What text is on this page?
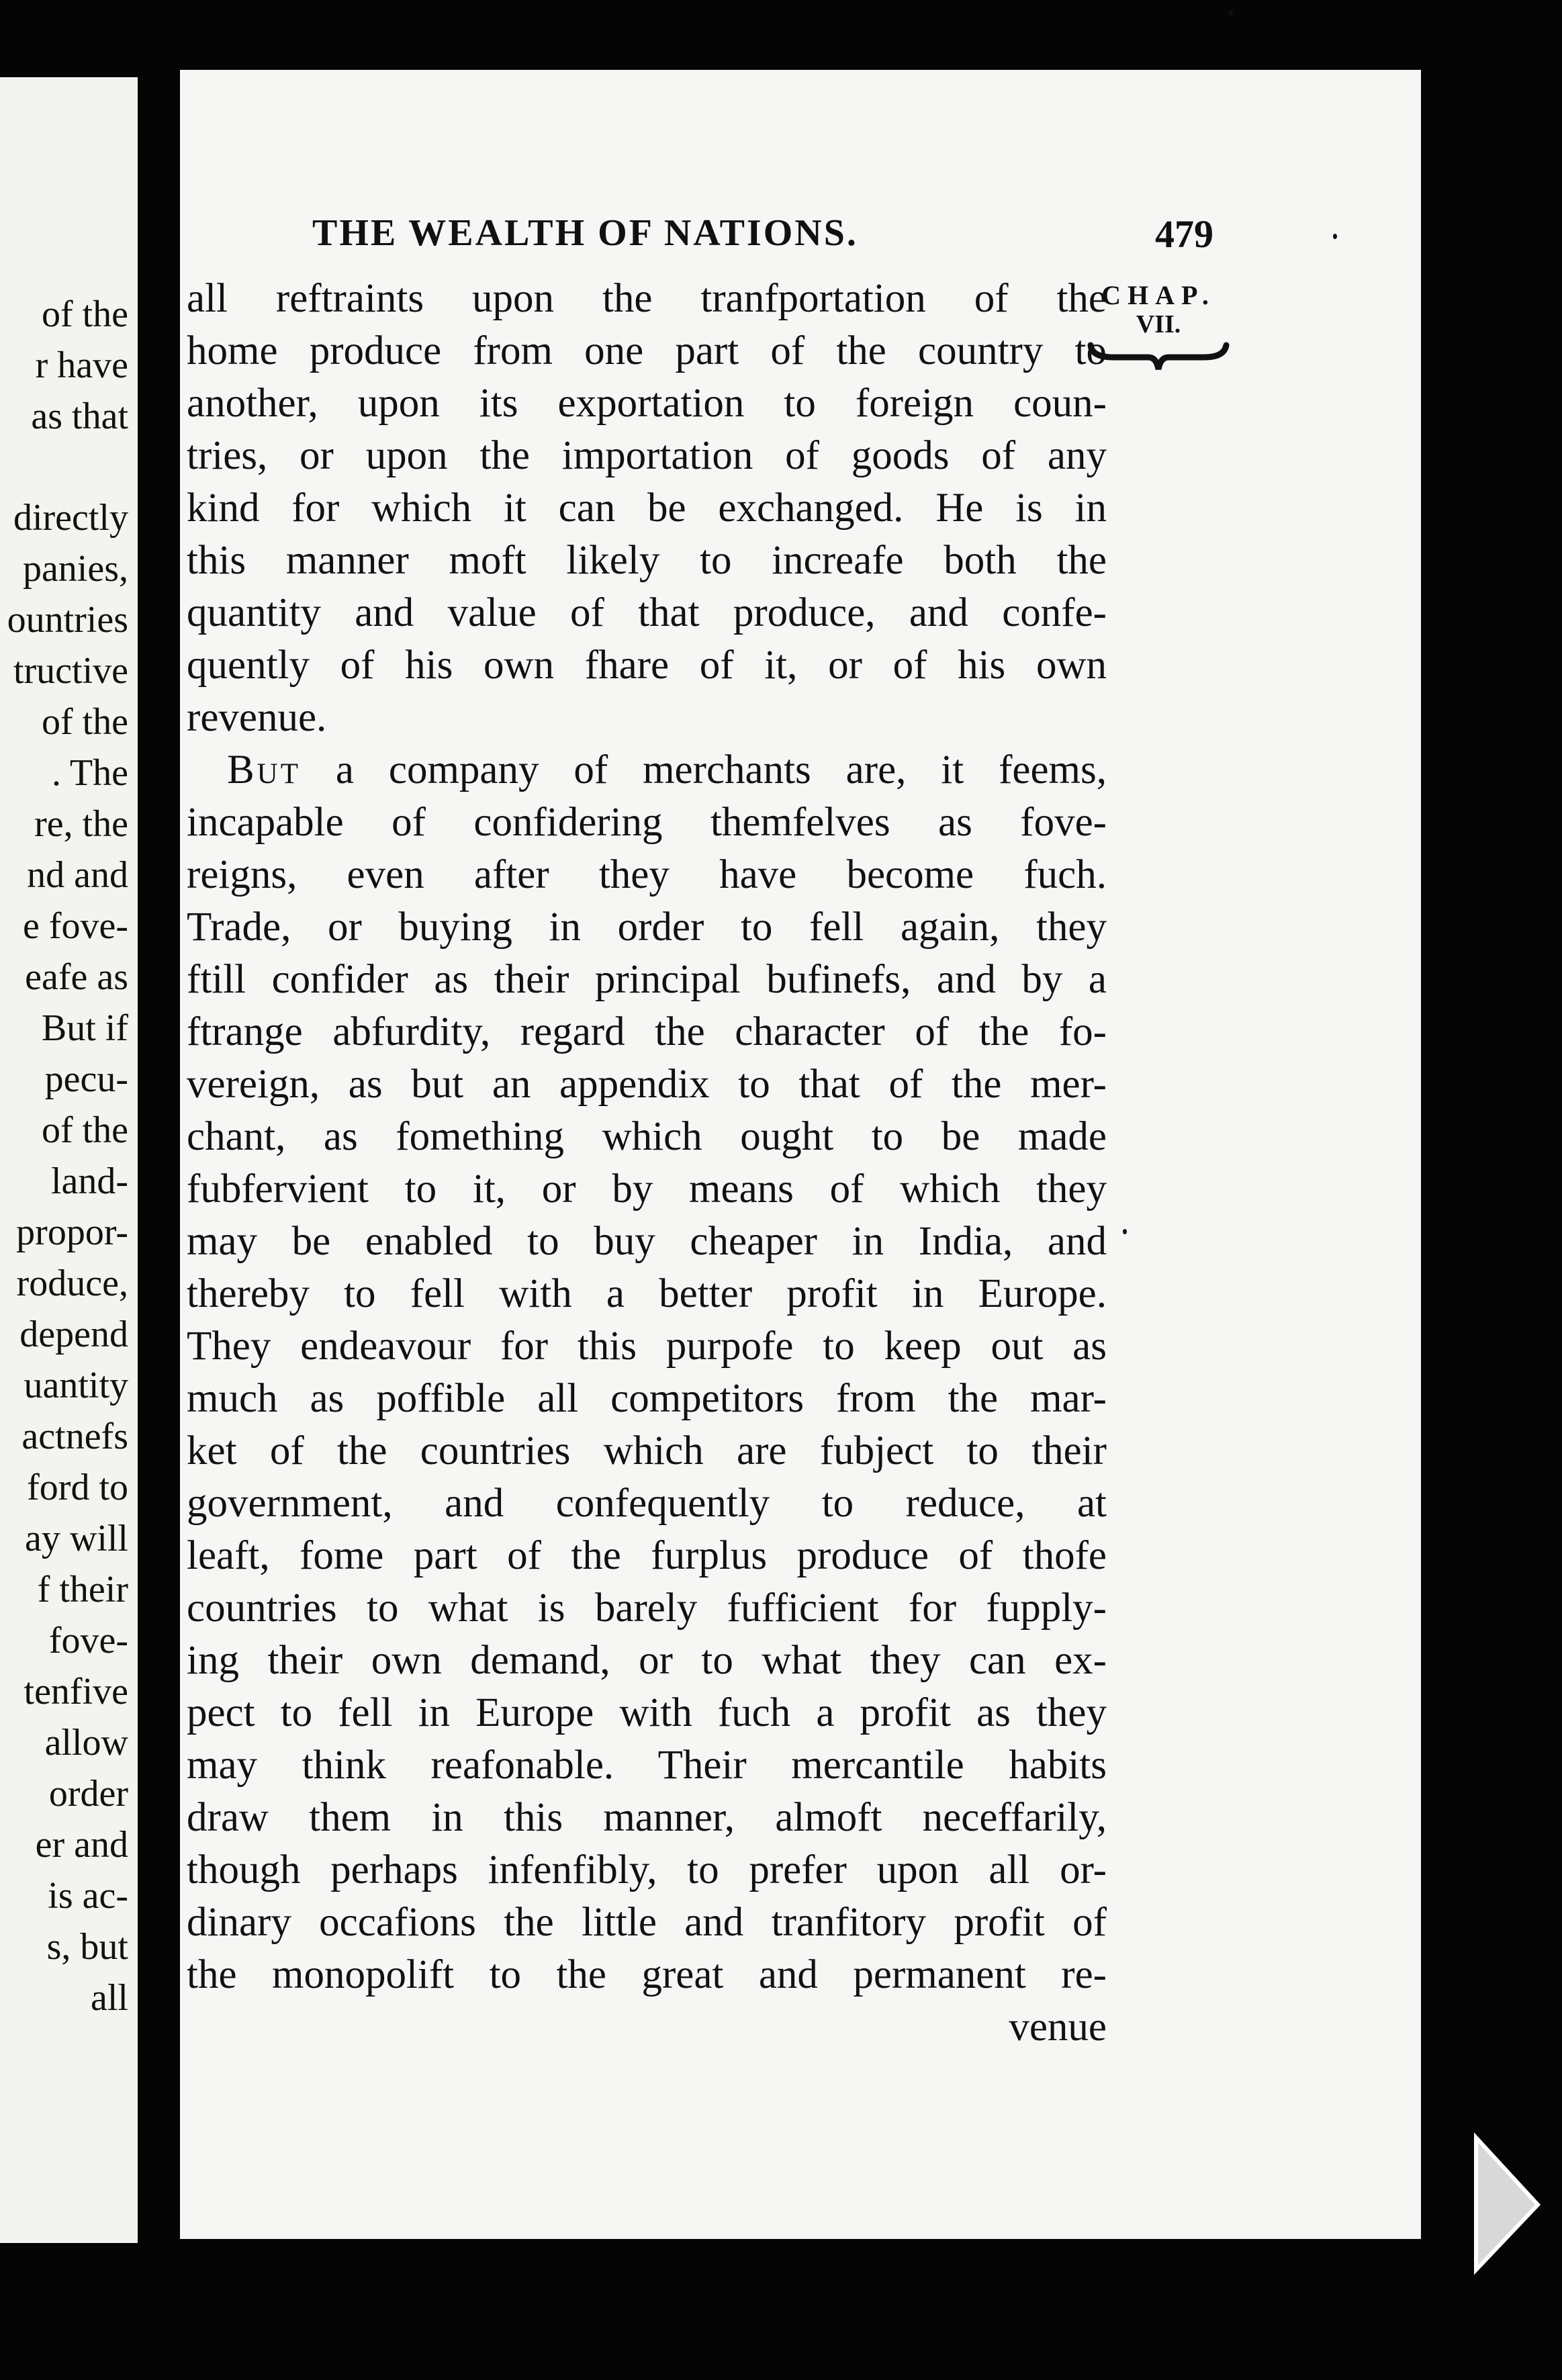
of the
r have
as that
directly
panies,
ountries
tructive
of the
. The
re, the
nd and
e fove-
eafe as
But if
pecu-
of the
land-
propor-
roduce,
depend
uantity
actnefs
ford to
ay will
f their
fove-
tenfive
allow
order
er and
is ac-
s, but
all
THE WEALTH OF NATIONS.	479
CHAP.
VII.
all reftraints upon the tranfportation of the
home produce from one part of the country to
another, upon its exportation to foreign coun-
tries, or upon the importation of goods of any
kind for which it can be exchanged. He is in
this manner moft likely to increafe both the
quantity and value of that produce, and confe-
quently of his own fhare of it, or of his own
revenue.
But a company of merchants are, it feems,
incapable of confidering themfelves as fove-
reigns, even after they have become fuch.
Trade, or buying in order to fell again, they
ftill confider as their principal bufinefs, and by a
ftrange abfurdity, regard the character of the fo-
vereign, as but an appendix to that of the mer-
chant, as fomething which ought to be made
fubfervient to it, or by means of which they
may be enabled to buy cheaper in India, and
thereby to fell with a better profit in Europe.
They endeavour for this purpofe to keep out as
much as poffible all competitors from the mar-
ket of the countries which are fubject to their
government, and confequently to reduce, at
leaft, fome part of the furplus produce of thofe
countries to what is barely fufficient for fupply-
ing their own demand, or to what they can ex-
pect to fell in Europe with fuch a profit as they
may think reafonable. Their mercantile habits
draw them in this manner, almoft neceffarily,
though perhaps infenfibly, to prefer upon all or-
dinary occafions the little and tranfitory profit of
the monopolift to the great and permanent re-
venue
